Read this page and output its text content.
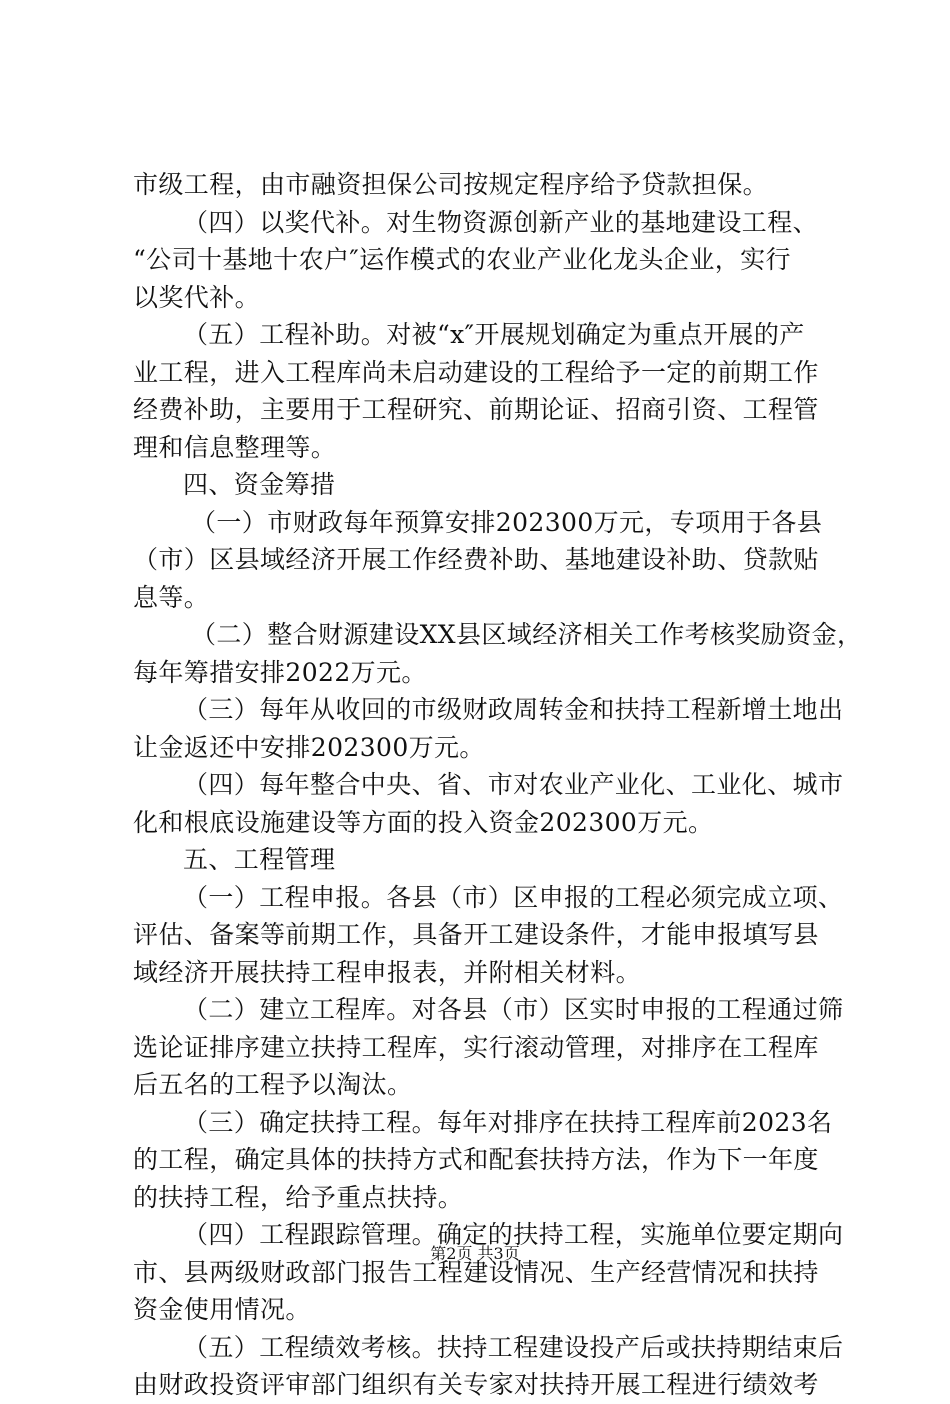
市级工程，由市融资担保公司按规定程序给予贷款担保。
（四）以奖代补。对生物资源创新产业的基地建设工程、
“公司十基地十农户″运作模式的农业产业化龙头企业，实行
以奖代补。
（五）工程补助。对被“x″开展规划确定为重点开展的产
业工程，进入工程库尚未启动建设的工程给予一定的前期工作
经费补助，主要用于工程研究、前期论证、招商引资、工程管
理和信息整理等。
四、资金筹措
（一）市财政每年预算安排202300万元，专项用于各县
（市）区县域经济开展工作经费补助、基地建设补助、贷款贴
息等。
（二）整合财源建设XX县区域经济相关工作考核奖励资金，
每年筹措安排2022万元。
（三）每年从收回的市级财政周转金和扶持工程新增土地出
让金返还中安排202300万元。
（四）每年整合中央、省、市对农业产业化、工业化、城市
化和根底设施建设等方面的投入资金202300万元。
五、工程管理
（一）工程申报。各县（市）区申报的工程必须完成立项、
评估、备案等前期工作，具备开工建设条件，才能申报填写县
域经济开展扶持工程申报表，并附相关材料。
（二）建立工程库。对各县（市）区实时申报的工程通过筛
选论证排序建立扶持工程库，实行滚动管理，对排序在工程库
后五名的工程予以淘汰。
（三）确定扶持工程。每年对排序在扶持工程库前2023名
的工程，确定具体的扶持方式和配套扶持方法，作为下一年度
的扶持工程，给予重点扶持。
（四）工程跟踪管理。确定的扶持工程，实施单位要定期向
市、县两级财政部门报告工程建设情况、生产经营情况和扶持
资金使用情况。
（五）工程绩效考核。扶持工程建设投产后或扶持期结束后
由财政投资评审部门组织有关专家对扶持开展工程进行绩效考
第2页 共3页
